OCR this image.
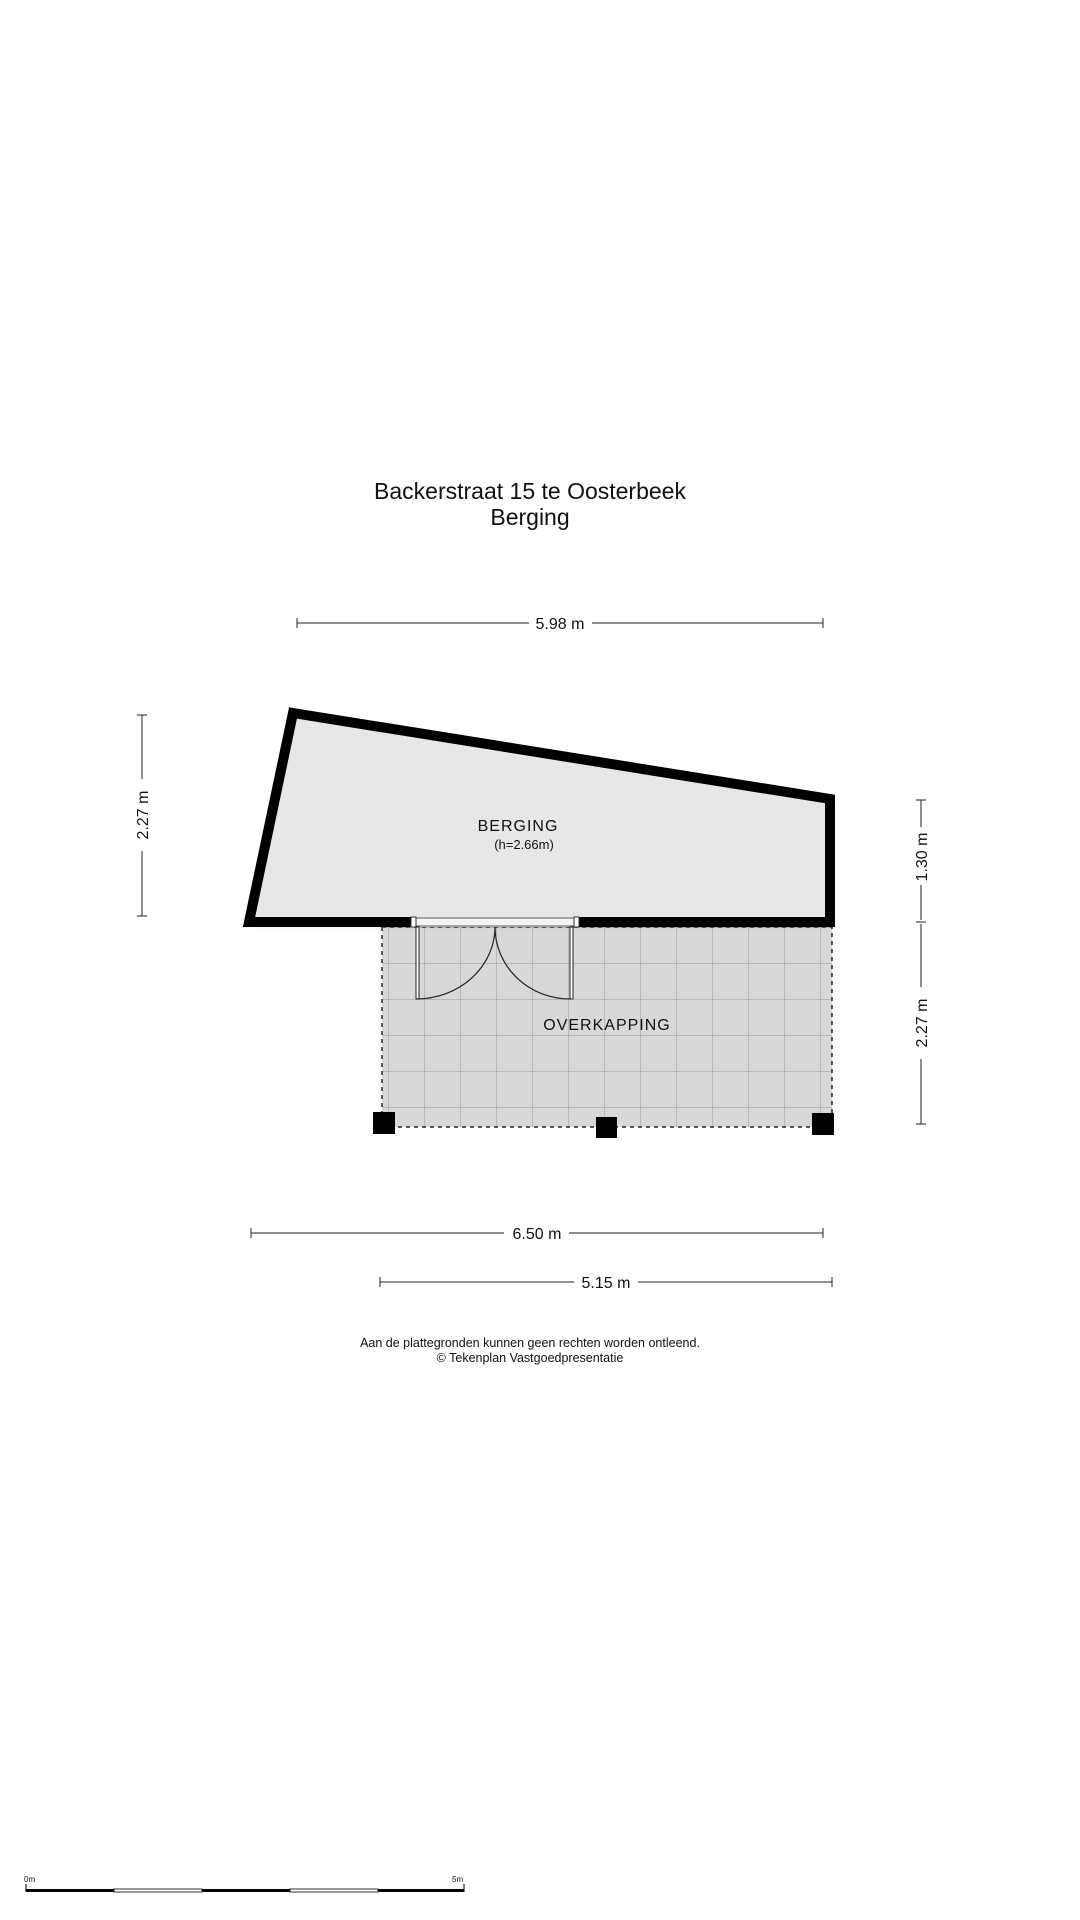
Backerstraat 15 te Oosterbeek
Berging
BERGING
(h=2.66m)
OVERKAPPING
5.98 m
2.27 m
1.30 m
2.27 m
6.50 m
5.15 m
0m	5m
Aan de plattegronden kunnen geen rechten worden ontleend.
© Tekenplan Vastgoedpresentatie
